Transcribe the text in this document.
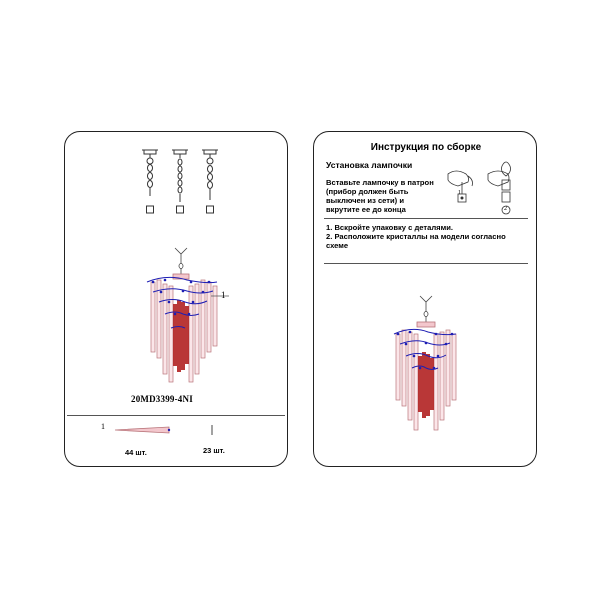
1
20MD3399-4NI
1
44 шт.	23 шт.
Инструкция по сборке
Установка лампочки
Вставьте лампочку в патрон
(прибор должен быть
выключен из сети) и
вкрутите ее до конца
1
2
1. Вскройте упаковку с деталями.
2. Расположите кристаллы на модели согласно
схеме
